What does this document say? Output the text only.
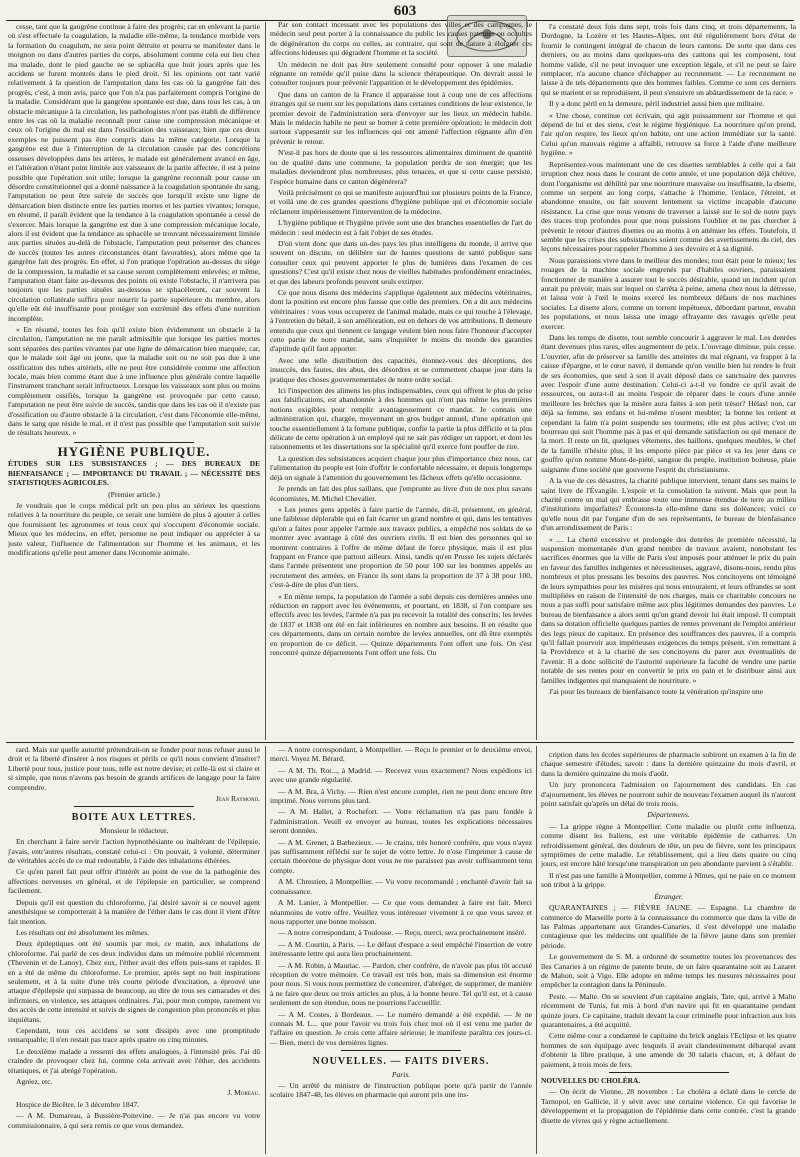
603

cesse, tant que la gangrène continue à faire des progrès; car en enlevant la partie où s'est effectuée la coagulation, la maladie elle-même, la tendance morbide vers la formation du coagulum, ne sera point détruite et pourra se manifester dans le moignon ou dans d'autres parties du corps, absolument comme cela eut lieu chez ma malade, dont le pied gauche ne se sphacéla que huit jours après que les accidens se furent montrés dans le pied droit. Si les opinions ont tant varié relativement à la question de l'amputation dans les cas où la gangrène fait des progrès, c'est, à mon avis, parce que l'on n'a pas parfaitement compris l'origine de la maladie. Considérant que la gangrène spontanée est due, dans tous les cas, à un obstacle mécanique à la circulation, les pathologistes n'ont pas établi de différence entre les cas où la maladie reconnaît pour cause une compression mécanique et ceux où l'origine du mal est dans l'ossification des vaisseaux; bien que ces deux exemples ne puissent pas être compris dans la même catégorie. Lorsque la gangrène est due à l'interruption de la circulation causée par des concrétions osseuses développées dans les artères, le malade est généralement avancé en âge, et l'altération n'étant point limitée aux vaisseaux de la partie affectée, il est à peine possible que l'opération soit utile; lorsque la gangrène reconnaît pour cause un désordre constitutionnel qui a donné naissance à la coagulation spontanée du sang, l'amputation ne peut être suivie de succès que lorsqu'il existe une ligne de démarcation bien distincte entre les parties mortes et les parties vivantes; lorsque, en résumé, il paraît évident que la tendance à la coagulation spontanée a cessé de s'exercer. Mais lorsque la gangrène est due à une compression mécanique locale, alors il est évident que la tendance au sphacèle se trouvant nécessairement limitée aux parties situées au-delà de l'obstacle, l'amputation peut présenter des chances de succès (toutes les autres circonstances étant favorables), alors même que la gangrène fait des progrès. En effet, si l'on pratique l'opération au-dessus du siège de la compression, la maladie et sa cause seront complètement enlevées; et même, l'amputation étant faite au-dessous des points où existe l'obstacle, il n'arrivera pas toujours que les parties situées au-dessous se sphacèleront, car souvent la circulation collatérale suffira pour nourrir la partie supérieure du membre, alors qu'elle eût été insuffisante pour protéger son extrémité des effets d'une nutrition incomplète.

« En résumé, toutes les fois qu'il existe bien évidemment un obstacle à la circulation, l'amputation ne me paraît admissible que lorsque les parties mortes sont séparées des parties vivantes par une ligne de démarcation bien marquée; car, que le malade soit âgé ou jeune, que la maladie soit ou ne soit pas due à une ossification des tubes artériels, elle ne peut être considérée comme une affection locale, mais bien comme étant due à une influence plus générale contre laquelle l'instrument tranchant serait infructueux. Lorsque les vaisseaux sont plus ou moins complètement ossifiés, lorsque la gangrène est provoquée par cette cause, l'amputation ne peut être suivie de succès, tandis que dans les cas où il n'existe pas d'ossification ou d'autre obstacle à la circulation, c'est dans l'économie elle-même, dans le sang que réside le mal, et il n'est pas possible que l'amputation soit suivie de résultats heureux. »

HYGIÈNE PUBLIQUE.

ÉTUDES SUR LES SUBSISTANCES ; — DES BUREAUX DE BIENFAISANCE ; — IMPORTANCE DU TRAVAIL ; — NÉCESSITÉ DES STATISTIQUES AGRICOLES.

(Premier article.)

Je voudrais que le corps médical prît un peu plus au sérieux les questions relatives à la nourriture du peuple, ce serait une lumière de plus à ajouter à celles que fournissent les agronomes et tous ceux qui s'occupent d'économie sociale. Mieux que les médecins, en effet, personne ne peut indiquer ou apprécier à sa juste valeur, l'influence de l'alimentation sur l'homme et les animaux, et les modifications qu'elle peut amener dans l'économie animale.

Par son contact incessant avec les populations des villes et des campagnes, le médecin seul peut porter à la connaissance du public les causes patentes ou occultes de dégénération du corps ou celles, au contraire, qui sont de nature à éloigner ces affections hideuses qui dégradent l'homme et la société.

Un médecin ne doit pas être seulement consulté pour opposer à une maladie régnante un remède qu'il puise dans la science thérapeutique. On devrait aussi le consulter toujours pour prévenir l'apparition et le développement des épidémies.

Que dans un canton de la France il apparaisse tout à coup une de ces affections étranges qui se ruent sur les populations dans certaines conditions de leur existence, le premier devoir de l'administration sera d'envoyer sur les lieux un médecin habile. Mais le médecin habile ne peut se borner à cette première opération; le médecin doit surtout s'appesantir sur les influences qui ont amené l'affection régnante afin d'en prévenir le retour.

N'est-il pas hors de doute que si les ressources alimentaires diminuent de quantité ou de qualité dans une commune, la population perdra de son énergie; que les maladies deviendront plus nombreuses, plus tenaces, et que si cette cause persiste, l'espèce humaine dans ce canton dégénérera?

Voilà précisément ce qui se manifeste aujourd'hui sur plusieurs points de la France, et voilà une de ces grandes questions d'hygiène publique qui et d'économie sociale réclament impérieusement l'intervention de la médecine.

L'hygiène publique et l'hygiène privée sont une des branches essentielles de l'art de médecin : seul médecin est à fait l'objet de ses études.

D'où vient donc que dans un-des pays les plus intelligens du monde, il arrive que souvent on discute, on délibère sur de hautes questions de santé publique sans consulter ceux qui peuvent apporter le plus de lumières dans l'examen de ces questions? C'est qu'il existe chez nous de vieilles habitudes profondément enracinées, et que des labeurs profonds peuvent seuls extirper.

Ce que nous disons des médecins s'applique également aux médecins vétérinaires, dont la position est encore plus fausse que celle des premiers. On a dit aux médecins vétérinaires : vous vous occuperez de l'animal malade, mais ce qui touche à l'élevage, à l'entretien du bétail, à son amélioration, est en dehors de vos attributions. Il demeure entendu que ceux qui tiennent ce langage veulent bien nous faire l'honneur d'accepter cette partie de notre mandat, sans s'inquiéter le moins du monde des garanties d'aptitude qu'il faut apporter.

Avec une telle distribution des capacités, étonnez-vous des déceptions, des insuccès, des fautes, des abus, des désordres et se commettent chaque jour dans la pratique des choses gouvernementales de notre ordre social.

Ici l'inspection des alimens les plus indispensables, ceux qui offrent le plus de prise aux falsifications, est abandonnée à des hommes qui n'ont pas même les premières notions exigibles pour remplir avantageusement ce mandat. Je connais une administration qui, chargée, moyennant un gros budget annuel, d'une opération qui touche essentiellement à la fortune publique, confie la partie la plus difficile et la plus délicate de cette opération à un employé qui ne sait pas rédiger un rapport, et dont les raisonnements et les dissertations sur la spécialité qu'il exerce font pouffer de rire.

La question des subsistances acquiert chaque jour plus d'importance chez nous, car l'alimentation du peuple est loin d'offrir le confortable nécessaire, et depuis longtemps déjà on signale à l'attention du gouvernement les fâcheux effets qu'elle occasionne.

Je prends un fait des plus saillans, que j'emprunte au livre d'un de nos plus savans économistes, M. Michel Chevalier.

« Les jeunes gens appelés à faire partie de l'armée, dit-il, présentent, en général, une faiblesse déplorable qui en fait écarter un grand nombre et qui, dans les tentatives qu'on a faites pour appeler l'armée aux travaux publics, a empêché nos soldats de se montrer avec avantage à côté des ouvriers civils. Il est bien des personnes qui se montrent contraires à l'offre de même défaut de force physique, mais il est plus frappant en France que partout ailleurs. Ainsi, tandis qu'en Prusse les sujets déclarés dans l'armée présentent une proportion de 50 pour 100 sur les hommes appelés au recrutement des armées, en France ils sont dans la proportion de 37 à 38 pour 100, c'est-à-dire de plus d'un tiers.

« En même temps, la population de l'armée a subi depuis ces dernières années une réduction en rapport avec les événements, et pourtant, en 1838, si l'on compare ses effectifs avec les levées, l'armée n'a pas pu recevoir la totalité des conscrits; les levées de 1837 et 1838 ont été en fait inférieures en nombre aux besoins. Il en résulte que ces départements, dans un certain nombre de levées annuelles, ont dû être exemptés en proportion de ce déficit. — Quinze départements l'ont offert une fois. On s'est rencontré quinze départements l'ont offert une fois. Ou

l'a constaté deux fois dans sept, trois fois dans cinq, et trois départements, la Dordogne, la Lozère et les Hautes-Alpes, ont été régulièrement hors d'état de fournir le contingent intégral de chacun de leurs cantons. De sorte que dans ces derniers, ou au moins dans quelques-uns des cantons qui les composent, tout homme valide, s'il ne peut invoquer une exception légale, et s'il ne peut se faire remplacer, n'a aucune chance d'échapper au recrutement. — Le recrutement ne laisse à de tels départements que des hommes faibles. Comme ce sont ces derniers qui se marient et se reproduisent, il peut s'ensuivre un abâtardissement de la race. »

Il y a donc péril en la demeure, péril industriel aussi bien que militaire.

« Une chose, continue cet écrivain, qui agit puissamment sur l'homme et qui dépend de lui et des siens, c'est le régime hygiénique. La nourriture qu'on prend, l'air qu'on respire, les lieux qu'on habite, ont une action immédiate sur la santé. Celui qu'un mauvais régime a affaibli, retrouve sa force à l'aide d'une meilleure hygiène. »

Représentez-vous maintenant une de ces disettes semblables à celle qui a fait irruption chez nous dans le courant de cette année, et une population déjà chétive, dont l'organisme est débilité par une nourriture mauvaise ou insuffisante, la disette, comme un serpent au long corps, s'attache à l'homme, l'enlace, l'étreint, et abandonne ensuite, ou fait souvent lentement sa victime incapable d'aucune résistance. La crise que nous venons de traverser a laissé sur le sol de notre pays des traces trop profondes pour que nous puissions l'oublier et ne pas chercher à prévenir le retour d'autres disettes ou au moins à en atténuer les effets. Toutefois, il semble que les crises des subsistances soient comme des avertissemens du ciel, des leçons nécessaires pour rappeler l'homme à ses devoirs et à sa dignité.

Nous paraissions vivre dans le meilleur des mondes; tout était pour le mieux; les rouages de la machine sociale engrenés par d'habiles ouvriers, paraissaient fonctionner de manière à assurer tout le succès désirable, quand un incident qu'on aurait pu prévoir, mais sur lequel on s'arrêta à peine, amena chez nous la détresse, et laissa voir à l'œil le moins exercé les nombreux défauts de nos machines sociales. La disette alors, comme un torrent impétueux, débordant partout, envahit les populations, et nous laissa une image effrayante des ravages qu'elle peut exercer.

Dans les temps de disette, tout semble concourir à aggraver le mal. Les denrées étant devenues plus rares, elles augmentent de prix. L'ouvrage diminue, puis cesse. L'ouvrier, afin de préserver sa famille des atteintes du mal régnant, va frapper à la caisse d'épargne, et le cœur navré, il demande qu'on veuille bien lui rendre le fruit de ses économies, que seul à son il avait déposé dans ce sanctuaire des pauvres avec l'espoir d'une autre destination. Celui-ci a-t-il vu fondre ce qu'il avait de ressources, ou aura-t-il au moins l'espoir de réparer dans le cours d'une année meilleure les brèches que la misère aura faites à son petit trésor? Hélas! non, car déjà sa femme, ses enfans et lui-même n'osent meubler; la bonne les retient et cependant la faim n'a point suspendu ses tourmens; elle est plus active; c'est un bourreau qui suit l'homme pas à pas et qui demande satisfaction ou qui menace de la mort. Il reste un lit, quelques vêtemens, des haillons, quelques meubles, le chef de la famille n'hésite plus, il les emporte pièce par pièce et va les jeter dans ce gouffre qu'on nomme Mont-de-piété, sangsue du peuple, institution boiteuse, plaie saignante d'une société que gouverne l'esprit du christianisme.

A la vue de ces désastres, la charité publique intervient, tenant dans ses mains le saint livre de l'Évangile. L'espoir et la consolation la suivent. Mais que peut la charité contre un mal qui embrasse toute une immense étendue de terre au milieu d'institutions imparfaites? Écoutons-la elle-même dans ses doléances; voici ce qu'elle nous dit par l'organe d'un de ses représentants, le bureau de bienfaisance d'un arrondissement de Paris :

« .... La cherté excessive et prolongée des denrées de première nécessité, la suspension momentanée d'un grand nombre de travaux avaient, nonobstant les sacrifices énormes que la ville de Paris s'est imposés pour atténuer le prix du pain en faveur des familles indigentes et nécessiteuses, aggravé, disons-nous, rendu plus nombreux et plus pressans les besoins des pauvres. Nos concitoyens ont témoigné de leurs sympathies pour les misères qui nous entouraient, et leurs offrandes se sont multipliées en raison de l'intensité de nos charges, mais ce charitable concours ne nous a pas suffi pour satisfaire même aux plus légitimes demandes des pauvres. Le bureau de bienfaisance a alors senti qu'un grand devoir lui était imposé. Il comptait dans sa dotation officielle quelques parties de rentes provenant de l'emploi antérieur des legs pieux de capitaux. En présence des souffrances des pauvres, il a compris qu'il fallait pourvoir aux impérieuses exigences du temps présent, s'en remettant à la Providence et à la charité de ses concitoyens du parer aux éventualités de l'avenir. Il a donc sollicité de l'autorité supérieure la faculté de vendre une partie notable de ses rentes pour en convertir le prix en pain et le distribuer ainsi aux familles indigentes qui manquaient de nourriture. »

J'ai pour les bureaux de bienfaisance toute la vénération qu'inspire une

rard. Mais sur quelle autorité prétendrait-on se fonder pour nous refuser aussi le droit et la liberté d'insérer à nos risques et périls ce qu'il nous convient d'insérer? Liberté pour tous, justice pour tous, telle est notre devise; et celle-là est si claire et si simple, que nous n'avons pas besoin de grands artifices de langage pour la faire comprendre.

Jean Raymond.

BOITE AUX LETTRES.

Monsieur le rédacteur,

En cherchant à faire servir l'action hypnothésiante ou inaltérant de l'épilepsie, j'avais, entr'autres résultats, constaté celui-ci : On pouvait, à volonté, déterminer de véritables accès de ce mal redoutable, à l'aide des inhalations éthérées.

Ce qu'en pareil fait peut offrir d'intérêt au point de vue de la pathogénie des affections nerveuses en général, et de l'épilepsie en particulier, se comprend facilement.

Depuis qu'il est question du chloroforme, j'ai désiré savoir si ce nouvel agent anesthésique se comporterait à la manière de l'éther dans le cas dont il vient d'être fait mention.

Les résultats ont été absolument les mêmes.

Deux épileptiques ont été soumis par moi, ce matin, aux inhalations de chloroforme. J'ai parlé de ces deux individus dans un mémoire publié récemment (Thevenin et de Lanoy). Chez eux, l'éther avait des effets puis-sans et rapides. Il en a été de même du chloroforme. Le premier, après sept ou huit inspirations seulement, et à la suite d'une très courte période d'excitation, a éprouvé une attaque d'épilepsie qui surpassa de beaucoup, au dire de tous ses camarades et des infirmiers, en violence, ses attaques ordinaires. J'ai, pour mon compte, rarement vu des accès de cette intensité et suivis de signes de congestion plus prononcés et plus inquiétans.

Cependant, tous ces accidens se sont dissipés avec une promptitude remarquable; il n'en restait pas trace après quatre ou cinq minutes.

Le deuxième malade a ressenti des effets analogues, à l'intensité près. J'ai dû craindre de provoquer chez lui, comme cela arrivait avec l'éther, des accidents tétaniques, et j'ai abrégé l'opération.

Agréez, etc.

J. Moreau.

Hospice de Bicêtre, le 3 décembre 1847.

— A M. Dumareau, à Bussière-Poitevine. — Je n'ai pas encore vu votre commissionnaire, à qui sera remis ce que vous demandez.

— A notre correspondant, à Montpellier. — Reçu le premier et le deuxième envoi, merci. Voyez M. Bérard.

— A M. Th. Rot..., à Madrid. — Recevez vous exactement? Nous expédions ici avec une grande régularité.

— A M. Bra, à Vichy. — Rien n'est encore complet, rien ne peut donc encore être imprimé. Nous verrons plus tard.

— A M. Hallet, à Rochefort. — Votre réclamation n'a pas paru fondée à l'administration. Veuill ez envoyer au bureau, toutes les explications nécessaires seront données.

— A M. Grenet, à Barbezieux. — Je crains, très honoré confrère, que vous n'ayez pas suffisamment réfléchi sur le sujet de votre lettre. Je n'ose l'imprimer à cause de certain théorème de physique dont vous ne me paraissez pas avoir suffisamment tenu compte.

A M. Chrestien, à Montpellier. — Vu votre recommandé ; enchanté d'avoir fait sa connaissance.

A M. Lanier, à Montpellier. — Ce que vous demandez à faire est fait. Merci néanmoins de votre offre. Veuillez vous intéresser vivement à ce que vous savez et nous rapporter une bonne moisson.

— A notre correspondant, à Toulouse. — Reçu, merci, sera prochainement inséré.

— A M. Courtin, à Paris. — Le défaut d'espace a seul empêché l'insertion de votre intéressante lettre qui aura lieu prochainement.

— A M. Robin, à Mauriac. — Pardon, cher confrère, de n'avoir pas plus tôt accusé réception de votre mémoire. Ce travail est très bon, mais sa dimension est énorme pour nous. Si vous nous permettiez de concentrer, d'abréger, de supprimer, de manière à ne faire que deux ou trois articles au plus, à la bonne heure. Tel qu'il est, et à cause seulement de son étendue, nous ne pourrions l'accueillir.

— A M. Costes, à Bordeaux. — Le numéro demandé a été expédié. — Je ne connais M. L... que pour l'avoir vu trois fois chez moi où il est venu me parler de l'affaire en question. Je crois cette affaire sérieuse; le manifeste paraîtra ces jours-ci. — Bien, merci de vos dernières lignes.

NOUVELLES. — FAITS DIVERS.

Paris.

— Un arrêté du ministre de l'instruction publique porte qu'à partir de l'année scolaire 1847-48, les élèves en pharmacie qui auront pris une ins-

cription dans les écoles supérieures de pharmacie subiront un examen à la fin de chaque semestre d'études, savoir : dans la dernière quinzaine du mois d'avril, et dans la dernière quinzaine du mois d'août.

Un jury prononcera l'admission ou l'ajournement des candidats. En cas d'ajournement, les élèves ne pourront subir de nouveau l'examen auquel ils n'auront point satisfait qu'après un délai de trois mois.

Départemens.

— La grippe règne à Montpellier. Cette maladie ou plutôt cette influenza, comme disent les Italiens, est une véritable épidémie de catharres. Un refroidissement général, des douleurs de tête, un peu de fièvre, sont les principaux symptômes de cette maladie. Le rétablissement, qui a lieu dans quatre ou cinq jours, est encore hâté lorsqu'une transpiration un peu abondante parvient à s'établir.

Il n'est pas une famille à Montpellier, comme à Nîmes, qui ne paie en ce moment son tribut à la grippe.

Étranger.

QUARANTAINES ; — FIÈVRE JAUNE. — Espagne. La chambre de commerce de Marseille porte à la connaissance du commerce que dans la ville de las Palmas appartenant aux Grandes-Canaries, il s'est développé une maladie contagieuse que les médecins ont qualifiée de la fièvre jaune dans son premier période.

Le gouvernement de S. M. a ordonné de soumettre toutes les provenances des îles Canaries à un régime de patente brute, de un faire quarantaine soit au Lazaret de Mahon, soit à Vigo. Elle adopte en même temps les mesures nécessaires pour empêcher la contagion dans la Péninsule.

Peste. — Malte. On se souvient d'un capitaine anglais, Tate, qui, arrivé à Malte récemment de Tunis, fut mis à bord d'un navire qui fit en quarantaine pendant quinze jours. Ce capitaine, traduit devant la cour criminelle pour infraction aux lois quarantenaires, a été acquitté.

Cette même cour a condamné le capitaine du brick anglais l'Eclipse et les quatre hommes de son équipage avec lesquels il avait clandestinement débarqué avant d'obtenir la libre pratique, à une amende de 30 talaris chacun, et, à défaut de paiement, à trois mois de fers.

NOUVELLES DU CHOLÉRA.

— On écrit de Vienne, 28 novembre : Le choléra a éclaté dans le cercle de Tarnopol, en Gallicie, il y sévit avec une certaine violence. Ce qui favorise le développement et la propagation de l'épidémie dans cette contrée, c'est la grande disette de vivres qui y règne actuellement.
